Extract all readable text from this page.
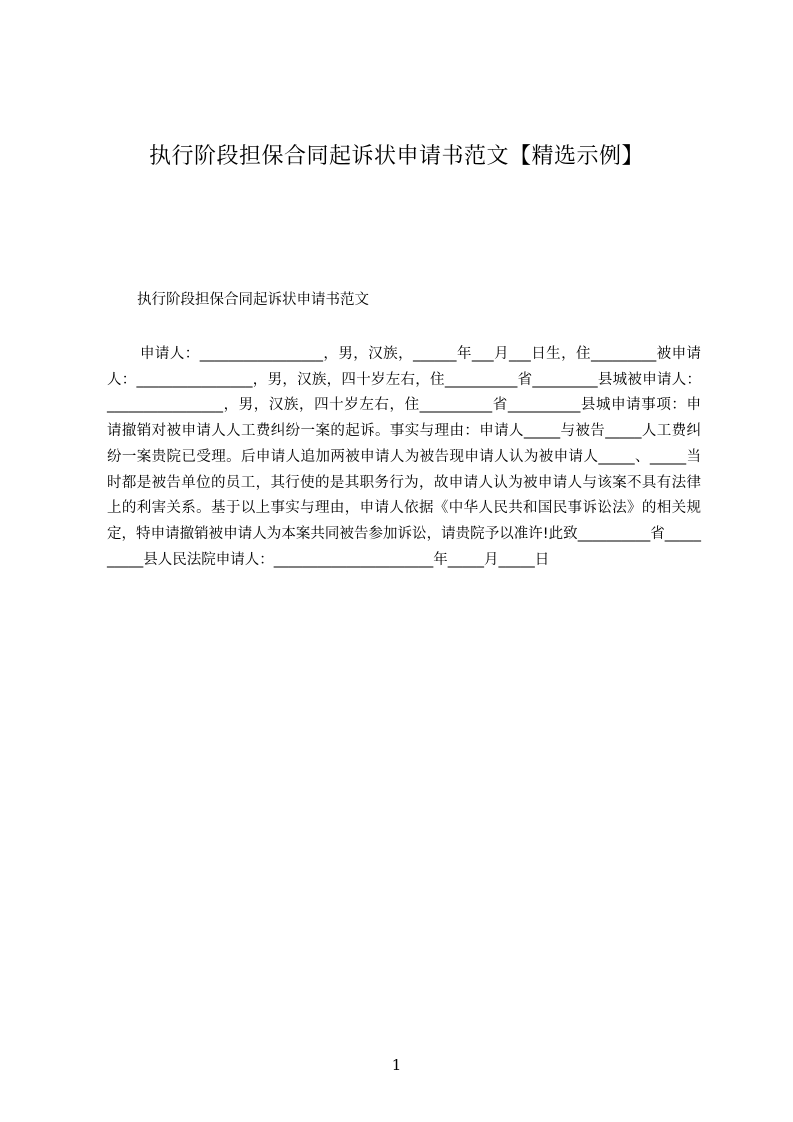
执行阶段担保合同起诉状申请书范文【精选示例】

执行阶段担保合同起诉状申请书范文

申请人：_________________，男，汉族，______年___月___日生，住_________被申请人：________________，男，汉族，四十岁左右，住__________省_________县城被申请人：________________，男，汉族，四十岁左右，住__________省__________县城申请事项：申请撤销对被申请人人工费纠纷一案的起诉。事实与理由：申请人_____与被告_____人工费纠纷一案贵院已受理。后申请人追加两被申请人为被告现申请人认为被申请人_____、_____当时都是被告单位的员工，其行使的是其职务行为，故申请人认为被申请人与该案不具有法律上的利害关系。基于以上事实与理由，申请人依据《中华人民共和国民事诉讼法》的相关规定，特申请撤销被申请人为本案共同被告参加诉讼，请贵院予以准许!此致__________省__________县人民法院申请人：______________________年_____月_____日

1
